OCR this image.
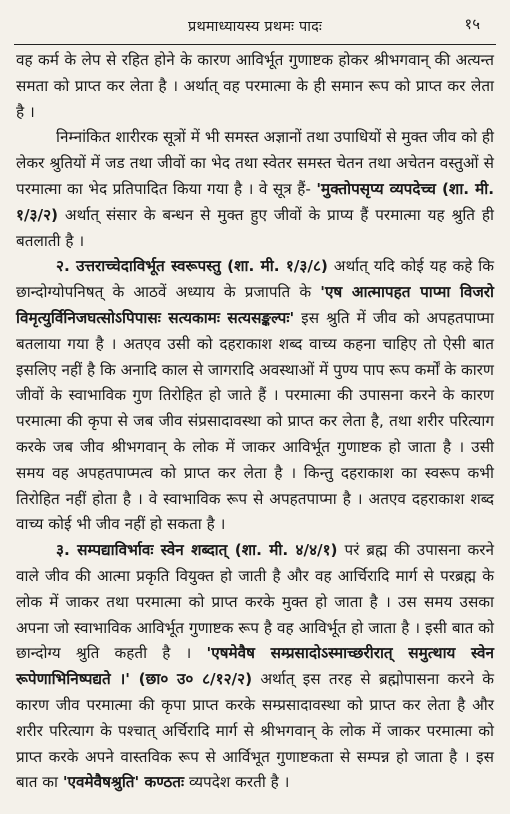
प्रथमाध्यायस्य प्रथमः पादः	१५

वह कर्म के लेप से रहित होने के कारण आविर्भूत गुणाष्टक होकर श्रीभगवान् की अत्यन्त समता को प्राप्त कर लेता है । अर्थात् वह परमात्मा के ही समान रूप को प्राप्त कर लेता है ।

निम्नांकित शारीरक सूत्रों में भी समस्त अज्ञानों तथा उपाधियों से मुक्त जीव को ही लेकर श्रुतियों में जड तथा जीवों का भेद तथा स्वेतर समस्त चेतन तथा अचेतन वस्तुओं से परमात्मा का भेद प्रतिपादित किया गया है । वे सूत्र हैं- 'मुक्तोपसृप्य व्यपदेच्च (शा. मी. १/३/२) अर्थात् संसार के बन्धन से मुक्त हुए जीवों के प्राप्य हैं परमात्मा यह श्रुति ही बतलाती है ।

२. उत्तराच्चेदाविर्भूत स्वरूपस्तु (शा. मी. १/३/८) अर्थात् यदि कोई यह कहे कि छान्दोग्योपनिषत् के आठवें अध्याय के प्रजापति के 'एष आत्मापहत पाप्मा विजरो विमृत्युर्विनिजघत्सोऽपिपासः सत्यकामः सत्यसङ्कल्पः' इस श्रुति में जीव को अपहतपाप्मा बतलाया गया है । अतएव उसी को दहराकाश शब्द वाच्य कहना चाहिए तो ऐसी बात इसलिए नहीं है कि अनादि काल से जागरादि अवस्थाओं में पुण्य पाप रूप कर्मों के कारण जीवों के स्वाभाविक गुण तिरोहित हो जाते हैं । परमात्मा की उपासना करने के कारण परमात्मा की कृपा से जब जीव संप्रसादावस्था को प्राप्त कर लेता है, तथा शरीर परित्याग करके जब जीव श्रीभगवान् के लोक में जाकर आविर्भूत गुणाष्टक हो जाता है । उसी समय वह अपहतपाप्मत्व को प्राप्त कर लेता है । किन्तु दहराकाश का स्वरूप कभी तिरोहित नहीं होता है । वे स्वाभाविक रूप से अपहतपाप्मा है । अतएव दहराकाश शब्द वाच्य कोई भी जीव नहीं हो सकता है ।

३. सम्पद्याविर्भावः स्वेन शब्दात् (शा. मी. ४/४/१) परं ब्रह्म की उपासना करने वाले जीव की आत्मा प्रकृति वियुक्त हो जाती है और वह आर्चिरादि मार्ग से परब्रह्म के लोक में जाकर तथा परमात्मा को प्राप्त करके मुक्त हो जाता है । उस समय उसका अपना जो स्वाभाविक आविर्भूत गुणाष्टक रूप है वह आविर्भूत हो जाता है । इसी बात को छान्दोग्य श्रुति कहती है । 'एषमेवैष सम्प्रसादोऽस्माच्छरीरात् समुत्थाय स्वेन रूपेणाभिनिष्पद्यते ।' (छा० उ० ८/१२/२) अर्थात् इस तरह से ब्रह्मोपासना करने के कारण जीव परमात्मा की कृपा प्राप्त करके सम्प्रसादावस्था को प्राप्त कर लेता है और शरीर परित्याग के पश्चात् अर्चिरादि मार्ग से श्रीभगवान् के लोक में जाकर परमात्मा को प्राप्त करके अपने वास्तविक रूप से आर्विभूत गुणाष्टकता से सम्पन्न हो जाता है । इस बात का 'एवमेवैषश्रुति' कण्ठतः व्यपदेश करती है ।
